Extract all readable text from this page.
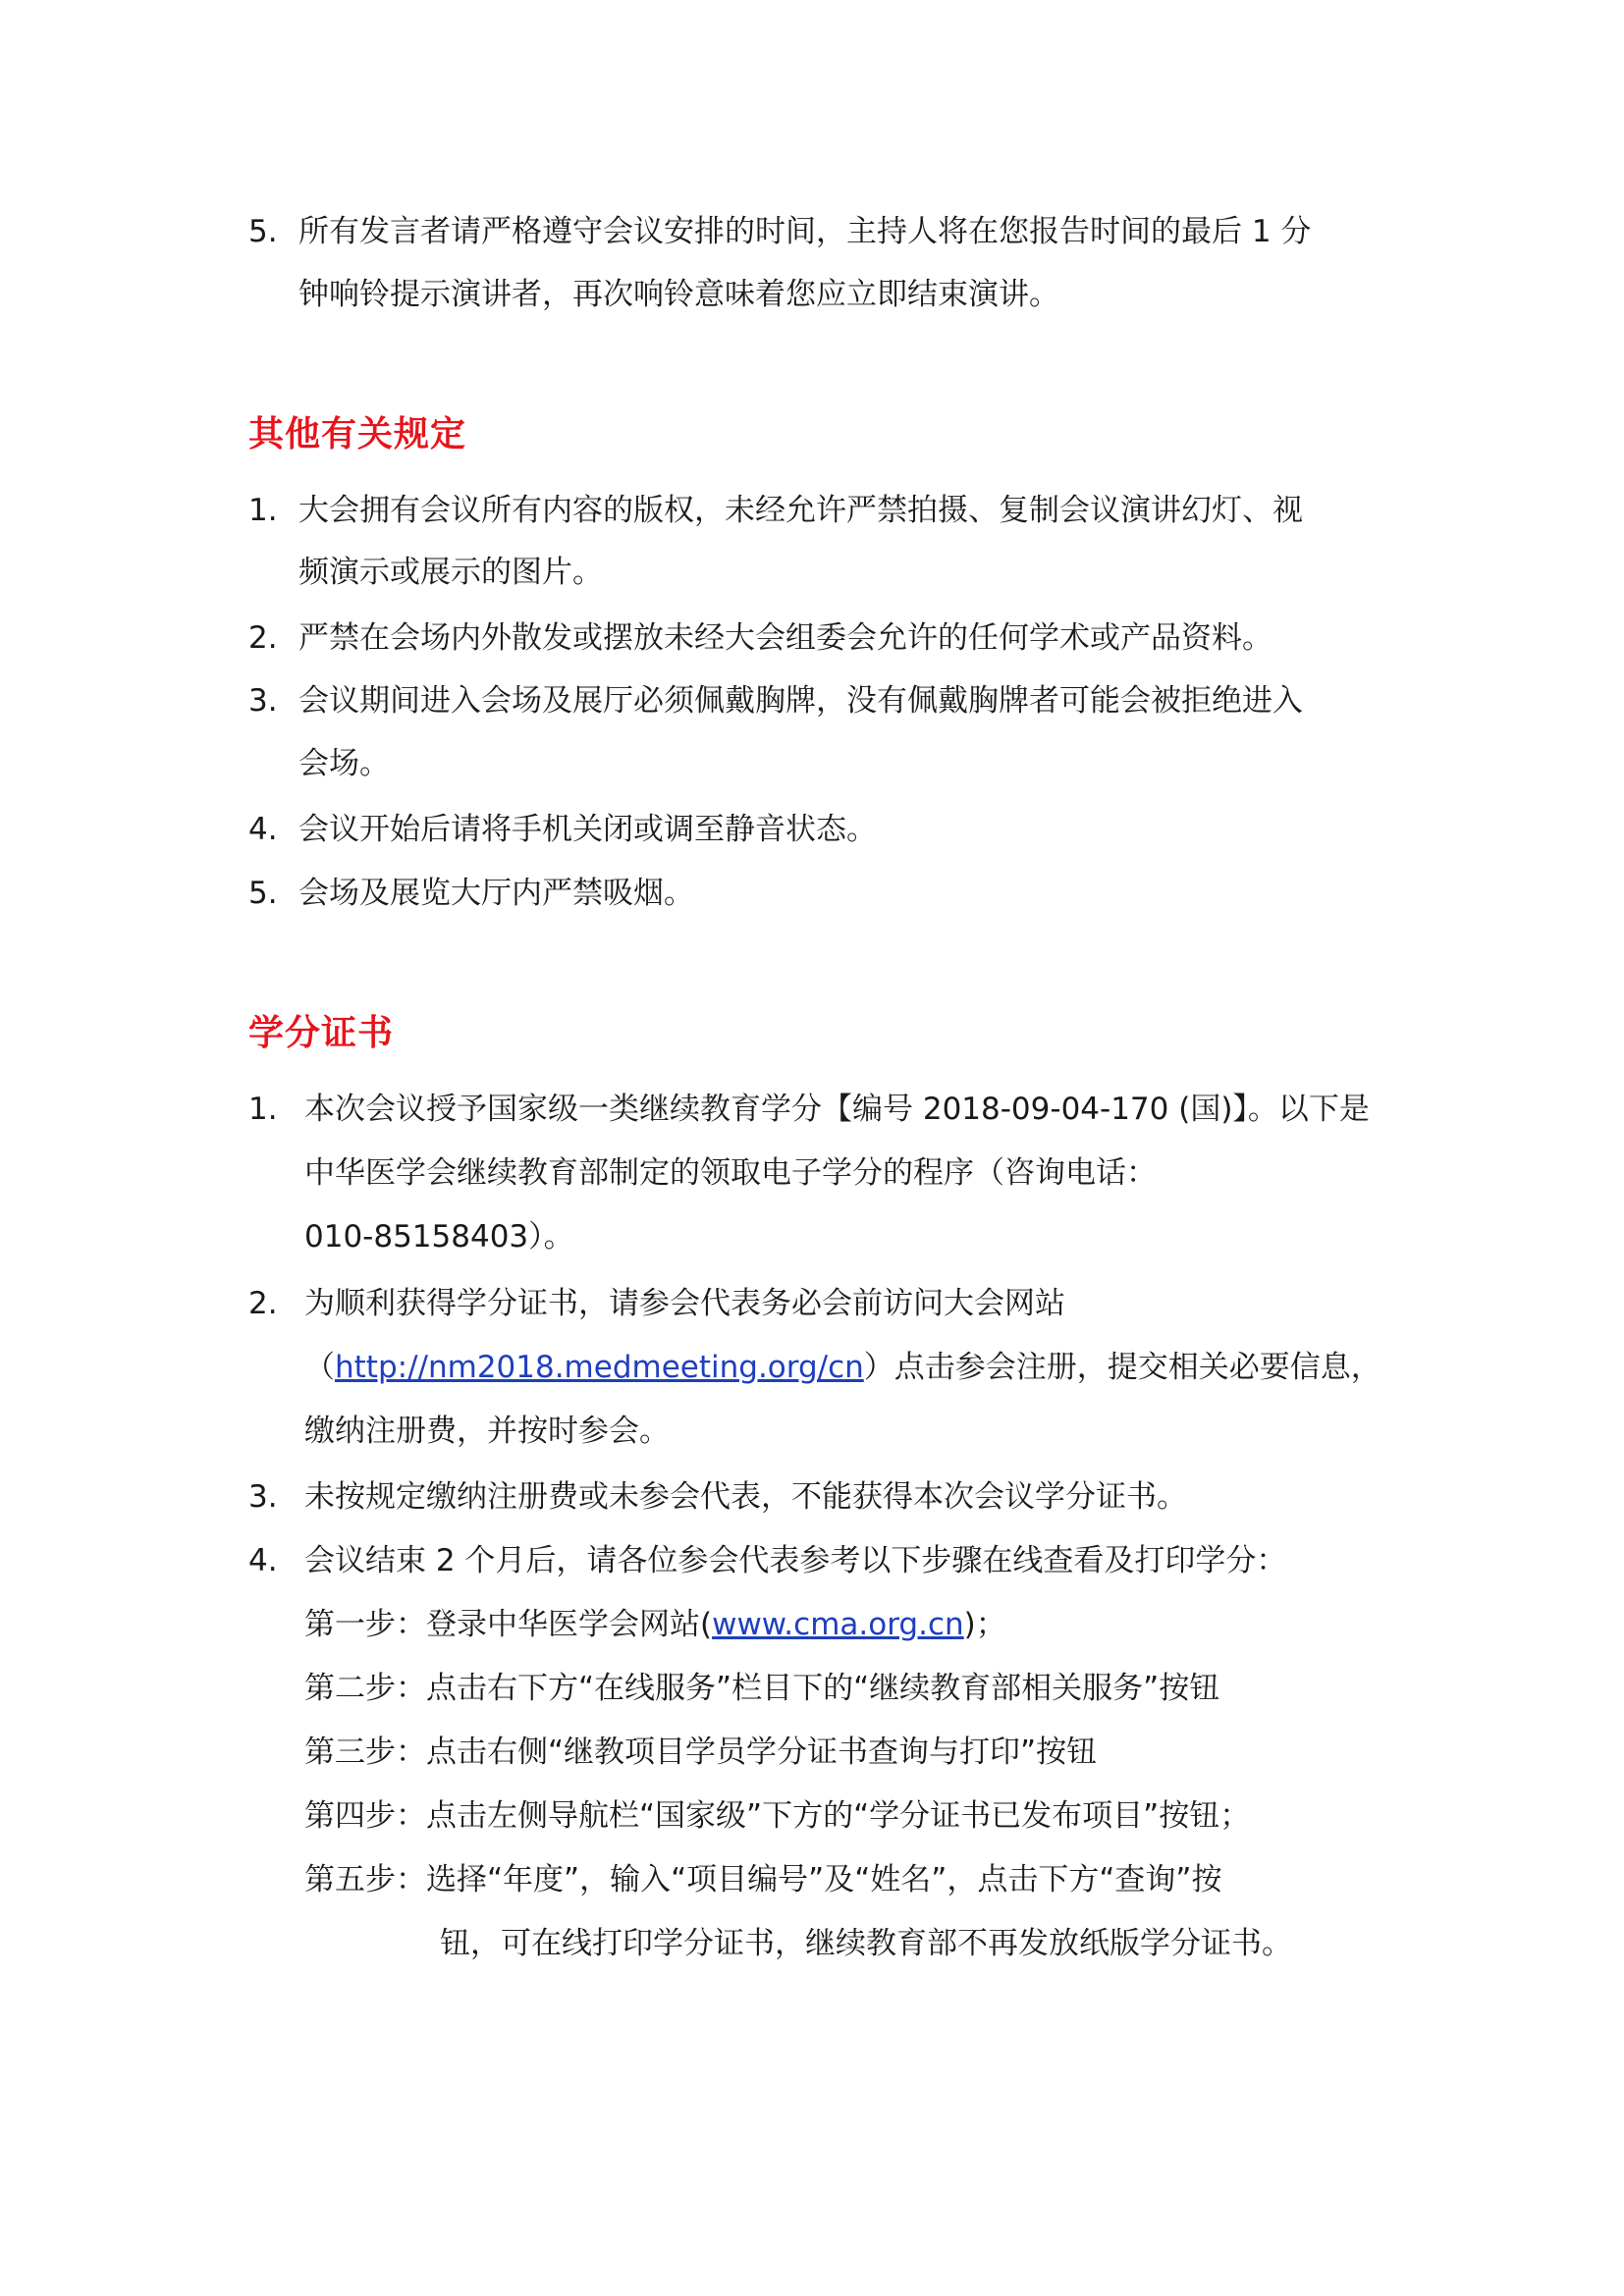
5. 所有发言者请严格遵守会议安排的时间，主持人将在您报告时间的最后 1 分
钟响铃提示演讲者，再次响铃意味着您应立即结束演讲。
其他有关规定
1. 大会拥有会议所有内容的版权，未经允许严禁拍摄、复制会议演讲幻灯、视
频演示或展示的图片。
2. 严禁在会场内外散发或摆放未经大会组委会允许的任何学术或产品资料。
3. 会议期间进入会场及展厅必须佩戴胸牌，没有佩戴胸牌者可能会被拒绝进入
会场。
4. 会议开始后请将手机关闭或调至静音状态。
5. 会场及展览大厅内严禁吸烟。
学分证书
1. 本次会议授予国家级一类继续教育学分【编号 2018-09-04-170 (国)】。以下是
中华医学会继续教育部制定的领取电子学分的程序（咨询电话：
010-85158403）。
2. 为顺利获得学分证书，请参会代表务必会前访问大会网站
（http://nm2018.medmeeting.org/cn）点击参会注册，提交相关必要信息，
缴纳注册费，并按时参会。
3. 未按规定缴纳注册费或未参会代表，不能获得本次会议学分证书。
4. 会议结束 2 个月后，请各位参会代表参考以下步骤在线查看及打印学分：
第一步：登录中华医学会网站(www.cma.org.cn)；
第二步：点击右下方“在线服务”栏目下的“继续教育部相关服务”按钮
第三步：点击右侧“继教项目学员学分证书查询与打印”按钮
第四步：点击左侧导航栏“国家级”下方的“学分证书已发布项目”按钮；
第五步：选择“年度”，输入“项目编号”及“姓名”，点击下方“查询”按
钮，可在线打印学分证书，继续教育部不再发放纸版学分证书。
